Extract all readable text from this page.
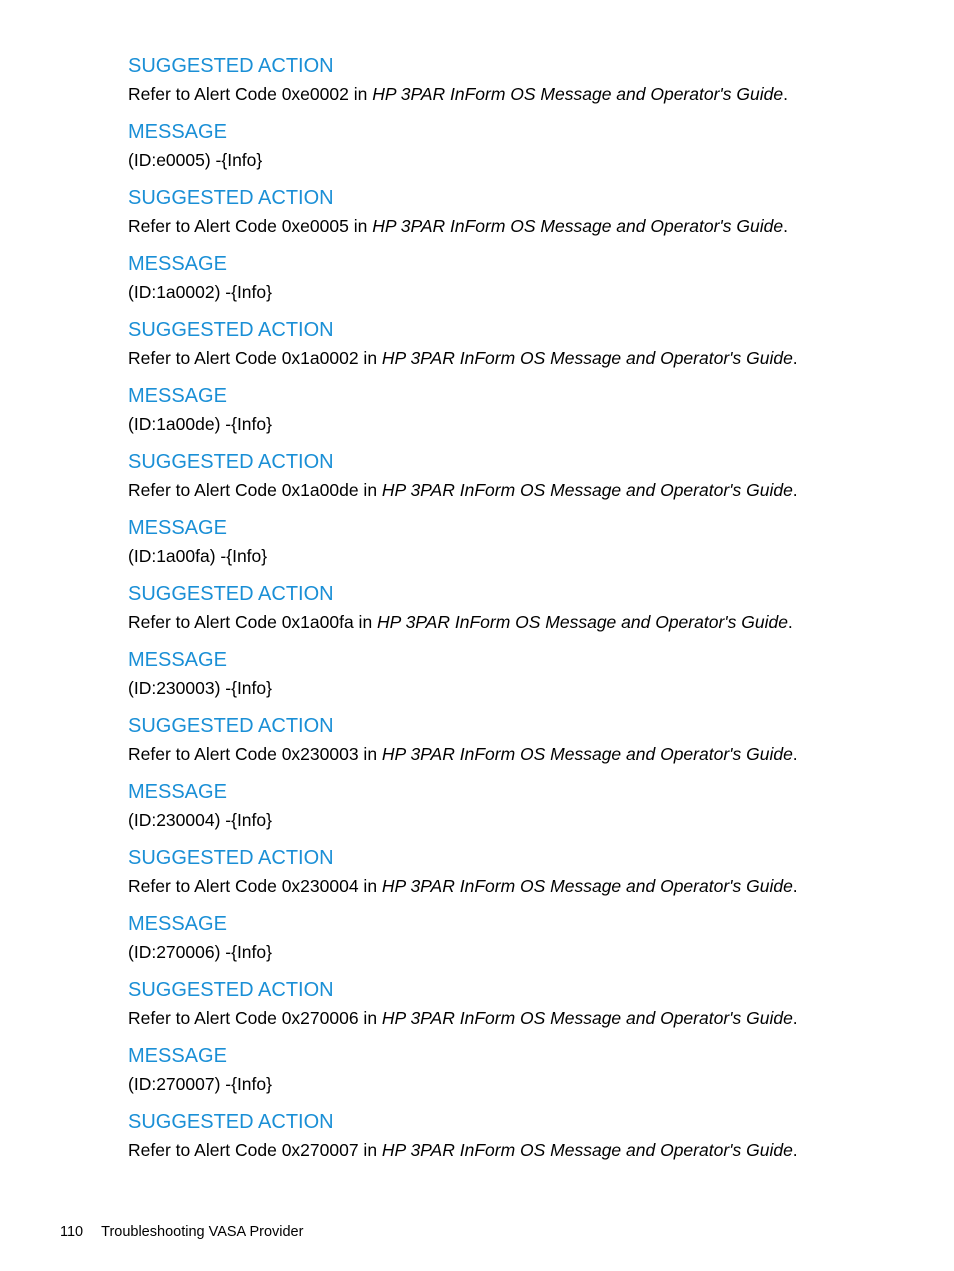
SUGGESTED ACTION
Refer to Alert Code 0xe0002 in HP 3PAR InForm OS Message and Operator's Guide.
MESSAGE
(ID:e0005) -{Info}
SUGGESTED ACTION
Refer to Alert Code 0xe0005 in HP 3PAR InForm OS Message and Operator's Guide.
MESSAGE
(ID:1a0002) -{Info}
SUGGESTED ACTION
Refer to Alert Code 0x1a0002 in HP 3PAR InForm OS Message and Operator's Guide.
MESSAGE
(ID:1a00de) -{Info}
SUGGESTED ACTION
Refer to Alert Code 0x1a00de in HP 3PAR InForm OS Message and Operator's Guide.
MESSAGE
(ID:1a00fa) -{Info}
SUGGESTED ACTION
Refer to Alert Code 0x1a00fa in HP 3PAR InForm OS Message and Operator's Guide.
MESSAGE
(ID:230003) -{Info}
SUGGESTED ACTION
Refer to Alert Code 0x230003 in HP 3PAR InForm OS Message and Operator's Guide.
MESSAGE
(ID:230004) -{Info}
SUGGESTED ACTION
Refer to Alert Code 0x230004 in HP 3PAR InForm OS Message and Operator's Guide.
MESSAGE
(ID:270006) -{Info}
SUGGESTED ACTION
Refer to Alert Code 0x270006 in HP 3PAR InForm OS Message and Operator's Guide.
MESSAGE
(ID:270007) -{Info}
SUGGESTED ACTION
Refer to Alert Code 0x270007 in HP 3PAR InForm OS Message and Operator's Guide.
110 Troubleshooting VASA Provider
